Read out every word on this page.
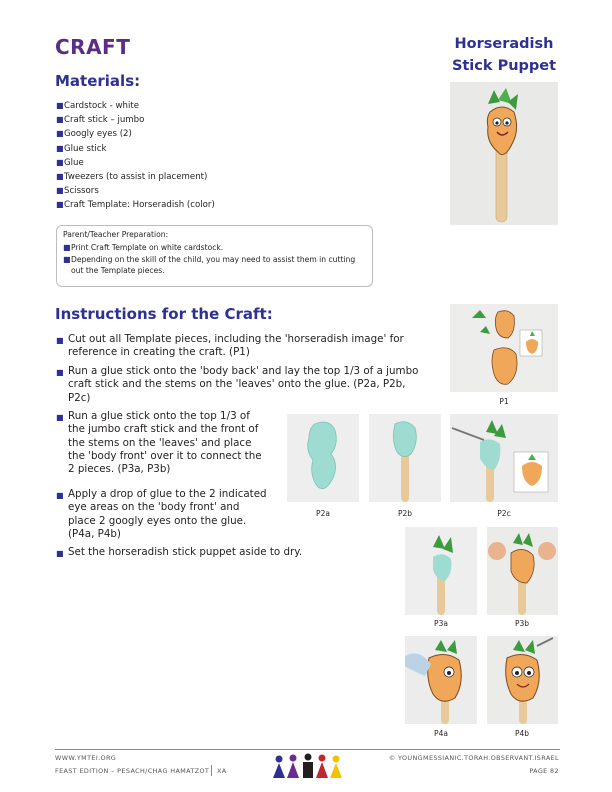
CRAFT	Horseradish
Stick Puppet
Materials:
■ Cardstock - white
■ Craft stick – jumbo
■ Googly eyes (2)
■ Glue stick
■ Glue
■ Tweezers (to assist in placement)
■ Scissors
■ Craft Template: Horseradish (color)
Parent/Teacher Preparation:
■ Print Craft Template on white cardstock.
■ Depending on the skill of the child, you may need to assist them in cutting out the Template pieces.
Instructions for the Craft:

■ Cut out all Template pieces, including the 'horseradish image' for reference in creating the craft. (P1)

■ Run a glue stick onto the 'body back' and lay the top 1/3 of a jumbo craft stick and the stems on the 'leaves' onto the glue. (P2a, P2b, P2c)

■ Run a glue stick onto the top 1/3 of the jumbo craft stick and the front of the stems on the 'leaves' and place the 'body front' over it to connect the 2 pieces. (P3a, P3b)

■ Apply a drop of glue to the 2 indicated eye areas on the 'body front' and place 2 googly eyes onto the glue. (P4a, P4b)

■ Set the horseradish stick puppet aside to dry.

P1
P2a	P2b	P2c
P3a	P3b
P4a	P4b
WWW.YMTEI.ORG
FEAST EDITION – PESACH/CHAG HAMATZOT XA
© YOUNGMESSIANIC.TORAH.OBSERVANT.ISRAEL
PAGE 82
